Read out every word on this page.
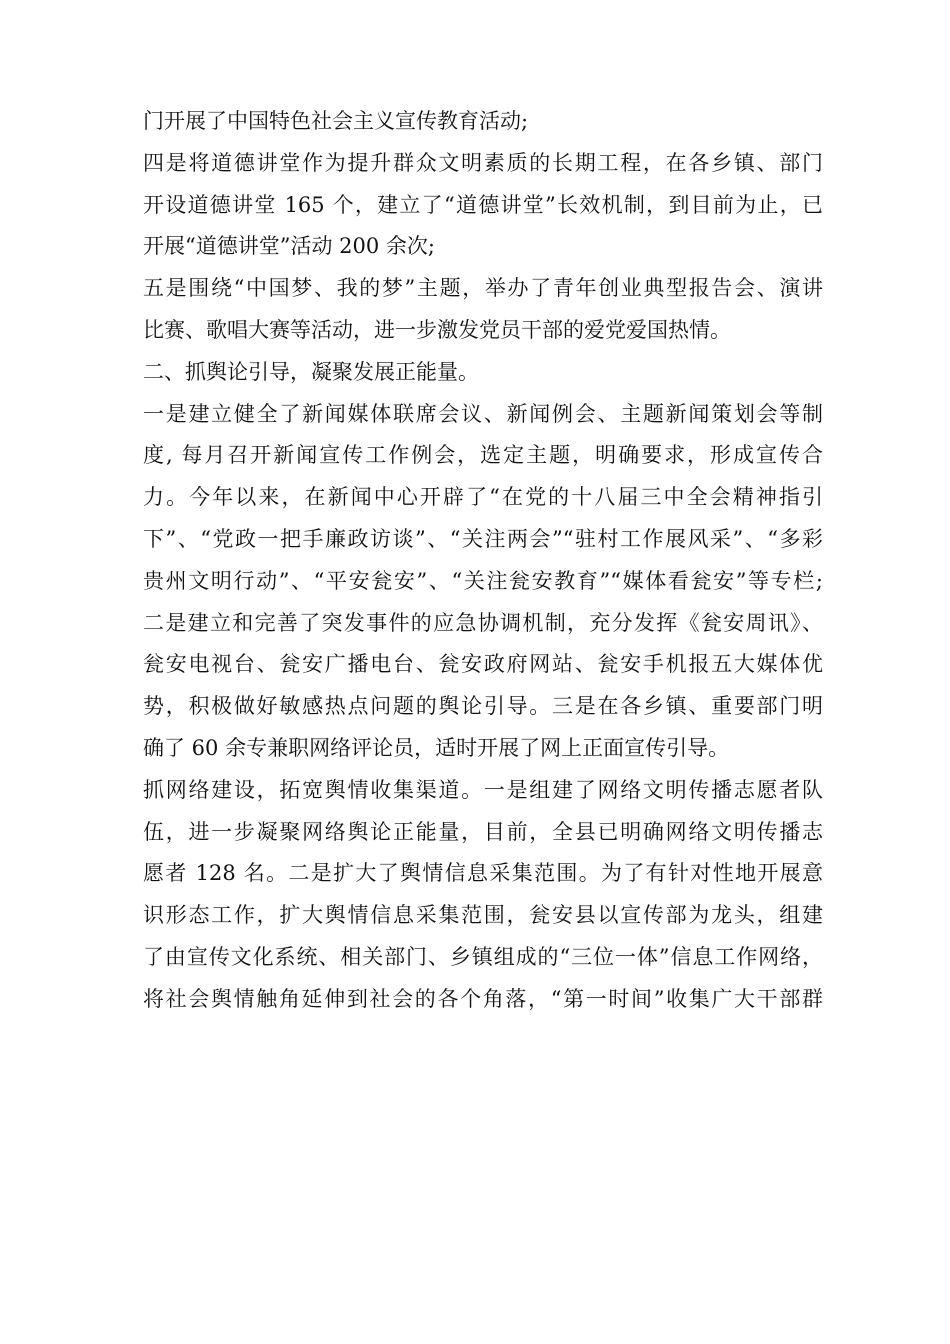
门开展了中国特色社会主义宣传教育活动;
四是将道德讲堂作为提升群众文明素质的长期工程，在各乡镇、部门
开设道德讲堂 165 个，建立了“道德讲堂”长效机制，到目前为止，已
开展“道德讲堂”活动 200 余次;
五是围绕“中国梦、我的梦”主题，举办了青年创业典型报告会、演讲
比赛、歌唱大赛等活动，进一步激发党员干部的爱党爱国热情。
二、抓舆论引导，凝聚发展正能量。
一是建立健全了新闻媒体联席会议、新闻例会、主题新闻策划会等制
度, 每月召开新闻宣传工作例会，选定主题，明确要求，形成宣传合
力。今年以来，在新闻中心开辟了“在党的十八届三中全会精神指引
下”、“党政一把手廉政访谈”、“关注两会”“驻村工作展风采”、“多彩
贵州文明行动”、“平安瓮安”、“关注瓮安教育”“媒体看瓮安”等专栏;
二是建立和完善了突发事件的应急协调机制，充分发挥《瓮安周讯》、
瓮安电视台、瓮安广播电台、瓮安政府网站、瓮安手机报五大媒体优
势，积极做好敏感热点问题的舆论引导。三是在各乡镇、重要部门明
确了 60 余专兼职网络评论员，适时开展了网上正面宣传引导。
抓网络建设，拓宽舆情收集渠道。一是组建了网络文明传播志愿者队
伍，进一步凝聚网络舆论正能量，目前，全县已明确网络文明传播志
愿者 128 名。二是扩大了舆情信息采集范围。为了有针对性地开展意
识形态工作，扩大舆情信息采集范围，瓮安县以宣传部为龙头，组建
了由宣传文化系统、相关部门、乡镇组成的“三位一体”信息工作网络，
将社会舆情触角延伸到社会的各个角落，“第一时间”收集广大干部群
